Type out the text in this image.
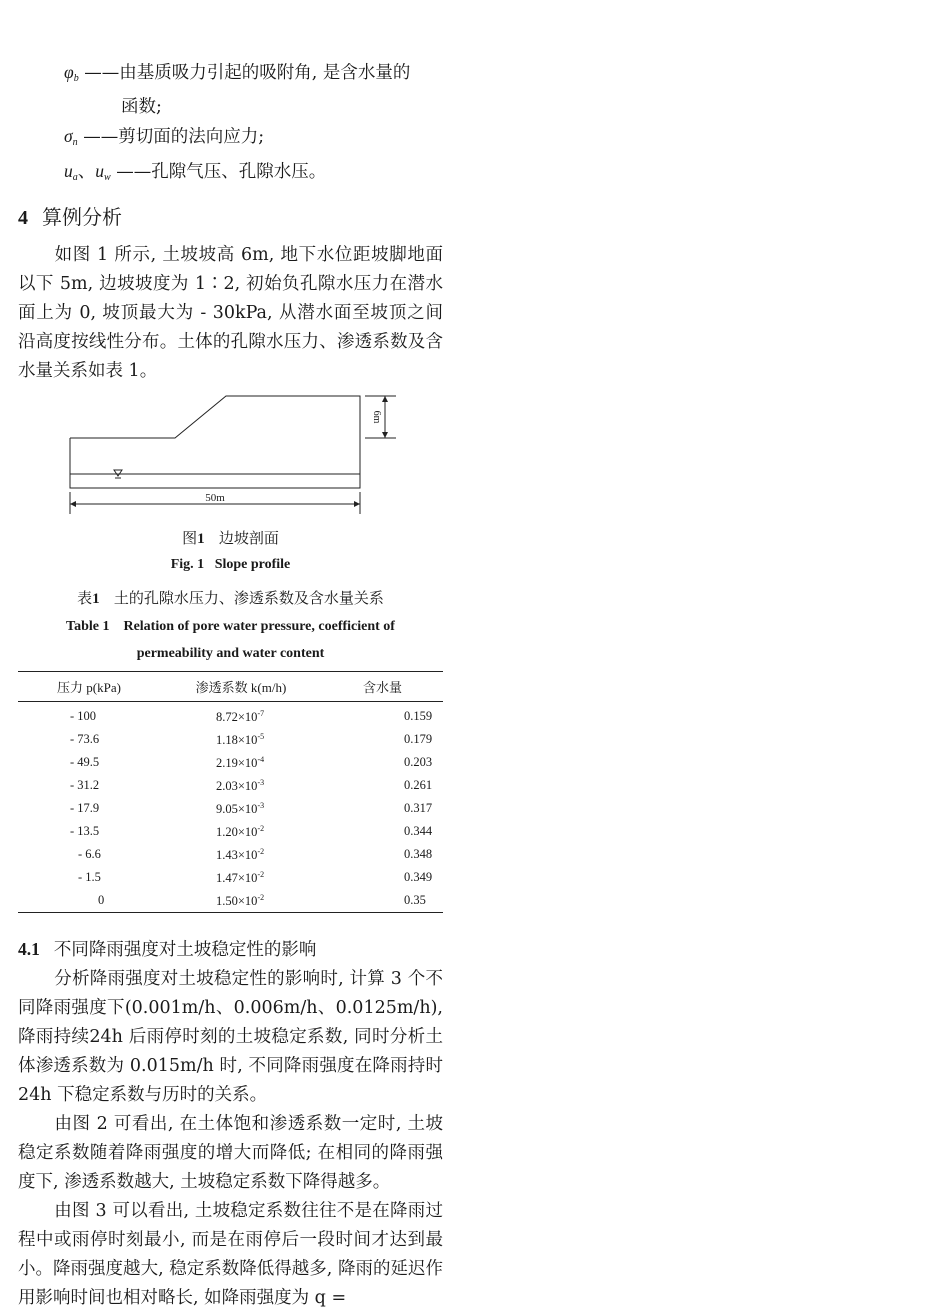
$\varphi_b$ ——由基质吸力引起的吸附角, 是含水量的
函数;
$\sigma_n$ ——剪切面的法向应力;
$u_a$、$u_w$ ——孔隙气压、孔隙水压。
4 算例分析
如图 1 所示, 土坡坡高 6m, 地下水位距坡脚地面以下 5m, 边坡坡度为 1∶2, 初始负孔隙水压力在潜水面上为 0, 坡顶最大为 - 30kPa, 从潜水面至坡顶之间沿高度按线性分布。土体的孔隙水压力、渗透系数及含水量关系如表 1。
6m
50m
图1 边坡剖面
Fig. 1 Slope profile
表1 土的孔隙水压力、渗透系数及含水量关系
Table 1    Relation of pore water pressure, coefficient of
permeability and water content
压力 p(kPa)	渗透系数 k(m/h)	含水量
- 100	$8.72\times 10^{-7}$	0.159
- 73.6	$1.18\times 10^{-5}$	0.179
- 49.5	$2.19\times 10^{-4}$	0.203
- 31.2	$2.03\times 10^{-3}$	0.261
- 17.9	$9.05\times 10^{-3}$	0.317
- 13.5	$1.20\times 10^{-2}$	0.344
- 6.6	$1.43\times 10^{-2}$	0.348
- 1.5	$1.47\times 10^{-2}$	0.349
0	$1.50\times 10^{-2}$	0.35
4.1 不同降雨强度对土坡稳定性的影响
分析降雨强度对土坡稳定性的影响时, 计算 3 个不同降雨强度下(0.001m/h、0.006m/h、0.0125m/h), 降雨持续24h 后雨停时刻的土坡稳定系数, 同时分析土体渗透系数为 0.015m/h 时, 不同降雨强度在降雨持时 24h 下稳定系数与历时的关系。
由图 2 可看出, 在土体饱和渗透系数一定时, 土坡稳定系数随着降雨强度的增大而降低; 在相同的降雨强度下, 渗透系数越大, 土坡稳定系数下降得越多。
由图 3 可以看出, 土坡稳定系数往往不是在降雨过程中或雨停时刻最小, 而是在雨停后一段时间才达到最小。降雨强度越大, 稳定系数降低得越多, 降雨的延迟作用影响时间也相对略长, 如降雨强度为 q =
